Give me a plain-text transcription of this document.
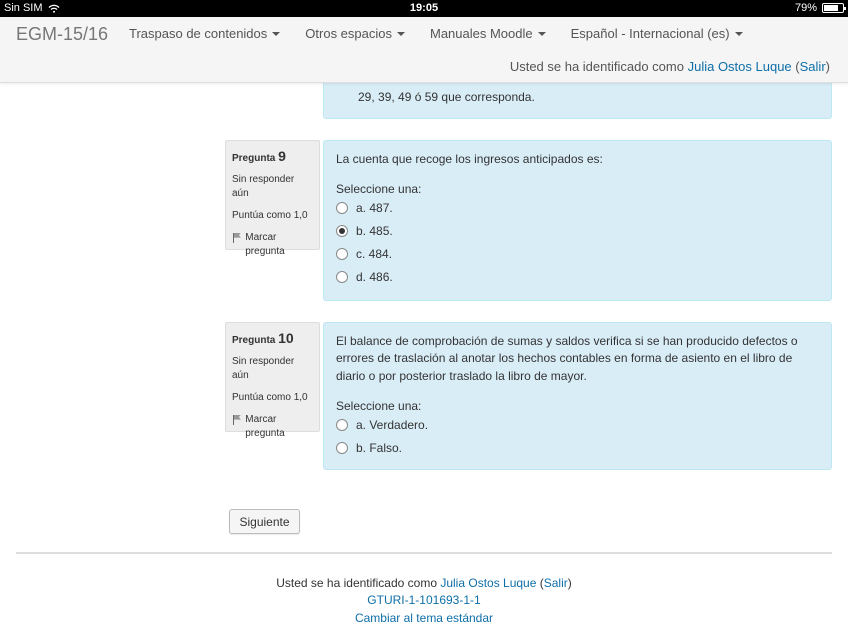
Sin SIM	19:05	79%
EGM-15/16 Traspaso de contenidos	Otros espacios	Manuales Moodle	Español - Internacional (es)
Usted se ha identificado como Julia Ostos Luque (Salir)
29, 39, 49 ó 59 que corresponda.
Pregunta 9
Sin responder aún
Puntúa como 1,0
Marcar pregunta
La cuenta que recoge los ingresos anticipados es:
Seleccione una:
a. 487.
b. 485.
c. 484.
d. 486.
Pregunta 10
Sin responder aún
Puntúa como 1,0
Marcar pregunta
El balance de comprobación de sumas y saldos verifica si se han producido defectos o errores de traslación al anotar los hechos contables en forma de asiento en el libro de diario o por posterior traslado la libro de mayor.
Seleccione una:
a. Verdadero.
b. Falso.
Siguiente
Usted se ha identificado como Julia Ostos Luque (Salir)
GTURI-1-101693-1-1
Cambiar al tema estándar
